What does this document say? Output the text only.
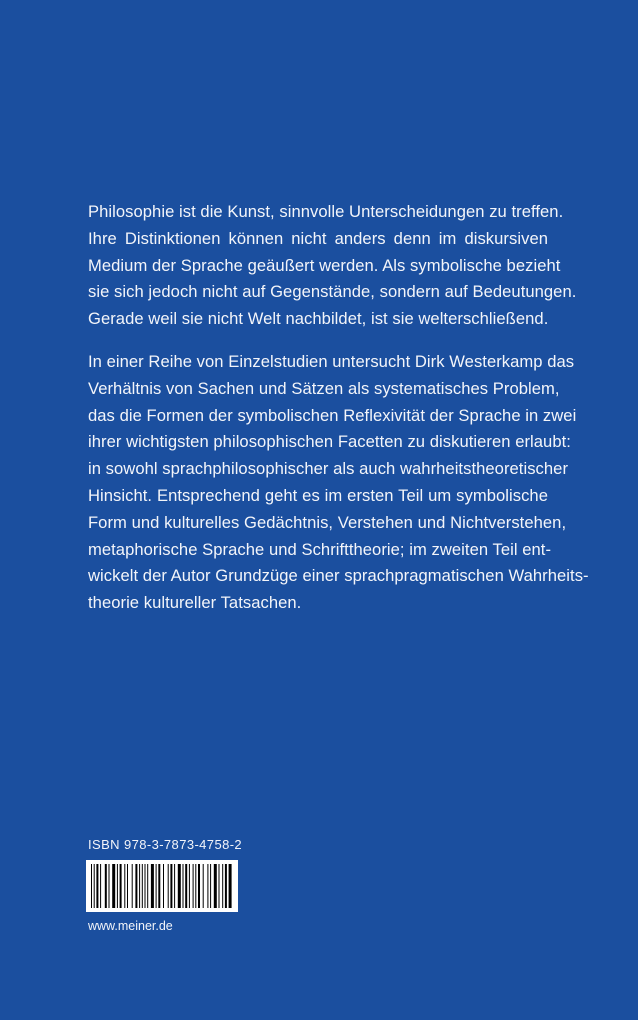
Philosophie ist die Kunst, sinnvolle Unterscheidungen zu treffen.
Ihre Distinktionen können nicht anders denn im diskursiven
Medium der Sprache geäußert werden. Als symbolische bezieht
sie sich jedoch nicht auf Gegenstände, sondern auf Bedeutungen.
Gerade weil sie nicht Welt nachbildet, ist sie welterschließend.

In einer Reihe von Einzelstudien untersucht Dirk Westerkamp das
Verhältnis von Sachen und Sätzen als systematisches Problem,
das die Formen der symbolischen Reflexivität der Sprache in zwei
ihrer wichtigsten philosophischen Facetten zu diskutieren erlaubt:
in sowohl sprachphilosophischer als auch wahrheitstheoretischer
Hinsicht. Entsprechend geht es im ersten Teil um symbolische
Form und kulturelles Gedächtnis, Verstehen und Nichtverstehen,
metaphorische Sprache und Schrifttheorie; im zweiten Teil ent-
wickelt der Autor Grundzüge einer sprachpragmatischen Wahrheits-
theorie kultureller Tatsachen.

ISBN 978-3-7873-4758-2
www.meiner.de
